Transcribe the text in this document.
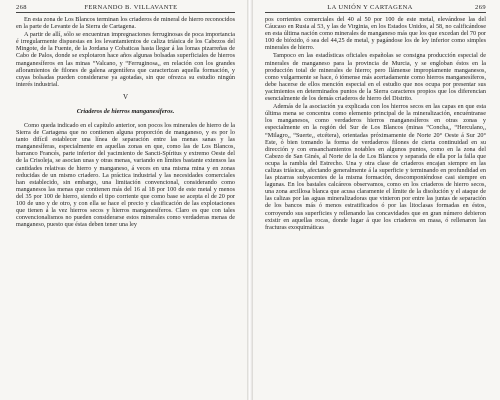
268	FERNANDO B. VILLAVANTE

En esta zona de Los Blancos terminan los criaderos de mineral de hierro reconocidos en la parte de Levante de la Sierra de Cartagena.

A partir de allí, sólo se encuentran impregnaciones ferruginosas de poca importancia é irregularmente dispuestas en los levantamientos de caliza triásica de los Cabezos del Mingote, de la Fuente, de la Jordana y Cobaticas hasta llegar á las lomas pizarreñas de Cabo de Palos, donde se explotaron hace años algunas bolsadas superficiales de hierros manganesíferos en las minas “Valcano, y “Ferruginosa,, en relación con los grandes afloramientos de filones de galena argentífera que caracterizan aquella formación, y cuyas bolsadas pueden considerarse ya agotadas, sin que ofrezca su estudio ningún interés industrial.

V
Criaderos de hierros manganesíferos.

Como queda indicado en el capítulo anterior, son pocos los minerales de hierro de la Sierra de Cartagena que no contienen alguna proporción de manganeso, y es por lo tanto difícil establecer una línea de separación entre las menas sanas y las manganesíferas, especialmente en aquellas zonas en que, como las de Los Blancos, barranco Francés, parte inferior del yacimiento de Sancti-Spíritus y extremo Oeste del de la Crisoleja, se asocian unas y otras menas, variando en límites bastante extensos las cantidades relativas de hierro y manganeso, á veces en una misma mina y en zonas reducidas de un mismo criadero. La práctica industrial y las necesidades comerciales han establecido, sin embargo, una limitación convencional, considerando como manganesos las menas que contienen más del 16 al 18 por 100 de este metal y menos del 35 por 100 de hierro, siendo el tipo corriente que como base se acepta el de 20 por 100 de uno y de otro, y con ella se hace el precio y clasificación de las explotaciones que tienen á la vez hierros secos y hierros manganesíferos. Claro es que con tales convencionalismos no pueden considerarse estos minerales como verdaderas menas de manganeso, puesto que éstas deben tener una ley

LA UNIÓN Y CARTAGENA	269

pos corrientes comerciales del 40 al 50 por 100 de este metal, elevándose las del Cáucaso en Rusia al 53, y las de Virginia, en los Estados Unidos, al 58, no calificándose en esta última nación como minerales de manganeso más que los que excedan del 70 por 100 de bióxido, ó sea del 44,25 de metal, y pagándose los de ley inferior como simples minerales de hierro.

Tampoco en las estadísticas oficiales españolas se consigna producción especial de minerales de manganeso para la provincia de Murcia, y se engloban éstos en la producción total de minerales de hierro; pero llámense impropiamente manganesos, como vulgarmente se hace, ó tómense más acertadamente como hierros manganesíferos, debe hacerse de ellos mención especial en el estudio que nos ocupa por presentar sus yacimientos en determinados puntos de la Sierra caracteres propios que los diferencian esencialmente de los demás criaderos de hierro del Distrito.

Además de la asociación ya explicada con los hierros secos en las capas en que esta última mena se concentra como elemento principal de la mineralización, encuéntranse los manganesos, como verdaderos hierros manganesíferos en otras zonas y especialmente en la región del Sur de Los Blancos (minas “Concha,, “Herculano,, “Milagro,, “Suerte,, etcétera), orientadas próximamente de Norte 20° Oeste á Sur 20° Este, ó bien tomando la forma de verdaderos filones de cierta continuidad en su dirección y con ensanchamientos notables en algunos puntos, como en la zona del Cabezo de San Ginés, al Norte de la de Los Blancos y separada de ella por la falla que ocupa la rambla del Estrecho. Una y otra clase de criaderos encajan siempre en las calizas triásicas, afectando generalmente á la superficie y terminando en profundidad en las pizarras subyacentes de la misma formación, descomponiéndose casi siempre en lagunas. En los bastales calcáreos observamos, como en los criaderos de hierro secos, una zona arcillosa blanca que acusa claramente el límite de la disolución y el ataque de las calizas por las aguas mineralizadoras que vinieron por entre las juntas de separación de los bancos más ó menos estratificados ó por las litoclasas formadas en éstos, corroyendo sus superficies y rellenando las concavidades que en gran número debieron existir en aquellas rocas, donde lugar á que los criaderos en masa, ó rellenaron las fracturas exoquimáticas
